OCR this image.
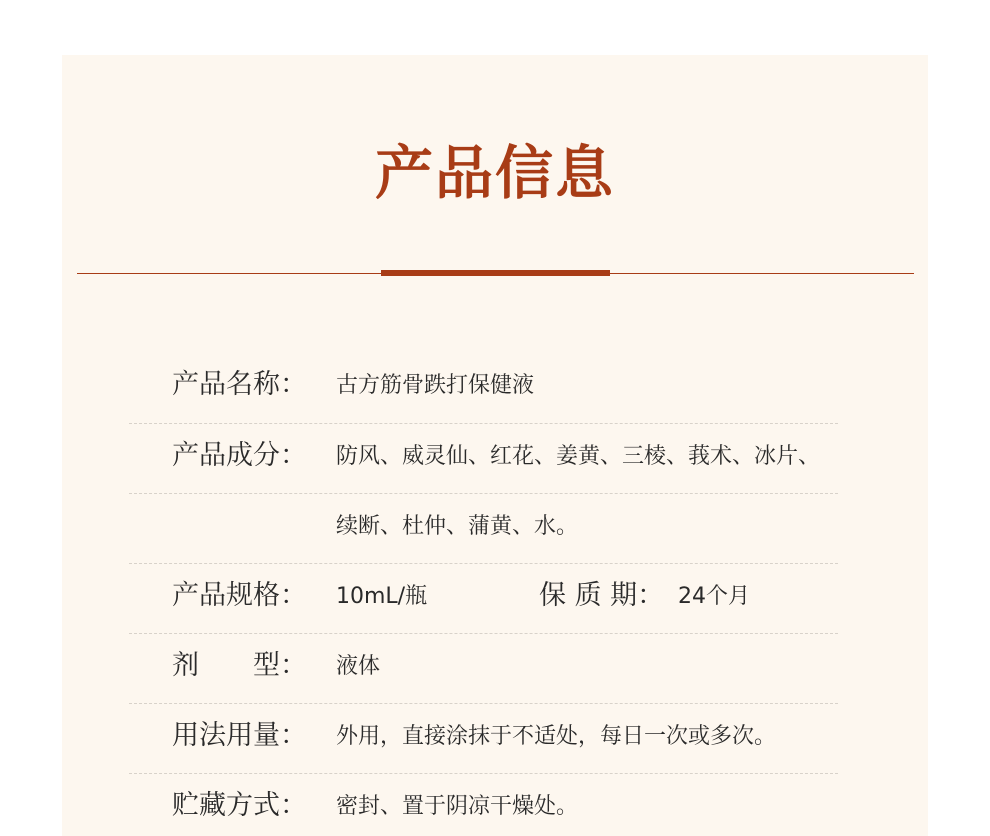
产品信息
产品名称： 古方筋骨跌打保健液
产品成分： 防风、威灵仙、红花、姜黄、三棱、莪术、冰片、
续断、杜仲、蒲黄、水。
产品规格： 10mL/瓶	保 质 期： 24个月
剂　　型： 液体
用法用量： 外用，直接涂抹于不适处，每日一次或多次。
贮藏方式： 密封、置于阴凉干燥处。
